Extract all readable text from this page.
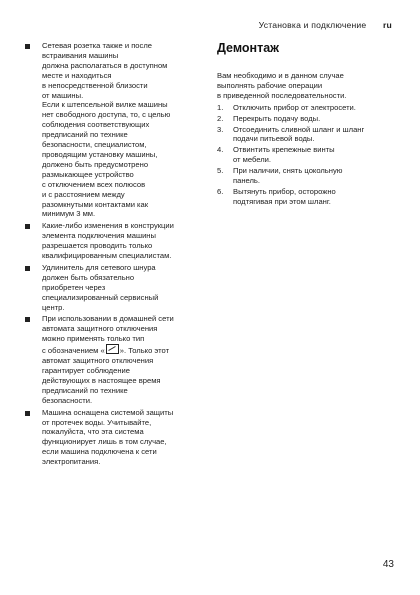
Установка и подключение ru
Сетевая розетка также и после
встраивания машины
должна располагаться в доступном
месте и находиться
в непосредственной близости
от машины.
Если к штепсельной вилке машины
нет свободного доступа, то, с целью
соблюдения соответствующих
предписаний по технике
безопасности, специалистом,
проводящим установку машины,
должено быть предусмотрено
размыкающее устройство
с отключением всех полюсов
и с расстоянием между
разомкнутыми контактами как
минимум 3 мм.
Какие-либо изменения в конструкции
элемента подключения машины
разрешается проводить только
квалифицированным специалистам.
Удлинитель для сетевого шнура
должен быть обязательно
приобретен через
специализированный сервисный
центр.
При использовании в домашней сети
автомата защитного отключения
можно применять только тип
с обозначением « ». Только этот
автомат защитного отключения
гарантирует соблюдение
действующих в настоящее время
предписаний по технике
безопасности.
Машина оснащена системой защиты
от протечек воды. Учитывайте,
пожалуйста, что эта система
функционирует лишь в том случае,
если машина подключена к сети
электропитания.
Демонтаж
Вам необходимо и в данном случае
выполнять рабочие операции
в приведенной последовательности.
1. Отключить прибор от электросети.
2. Перекрыть подачу воды.
3. Отсоединить сливной шланг и шланг
подачи питьевой воды.
4. Отвинтить крепежные винты
от мебели.
5. При наличии, снять цокольную
панель.
6. Вытянуть прибор, осторожно
подтягивая при этом шланг.
43
